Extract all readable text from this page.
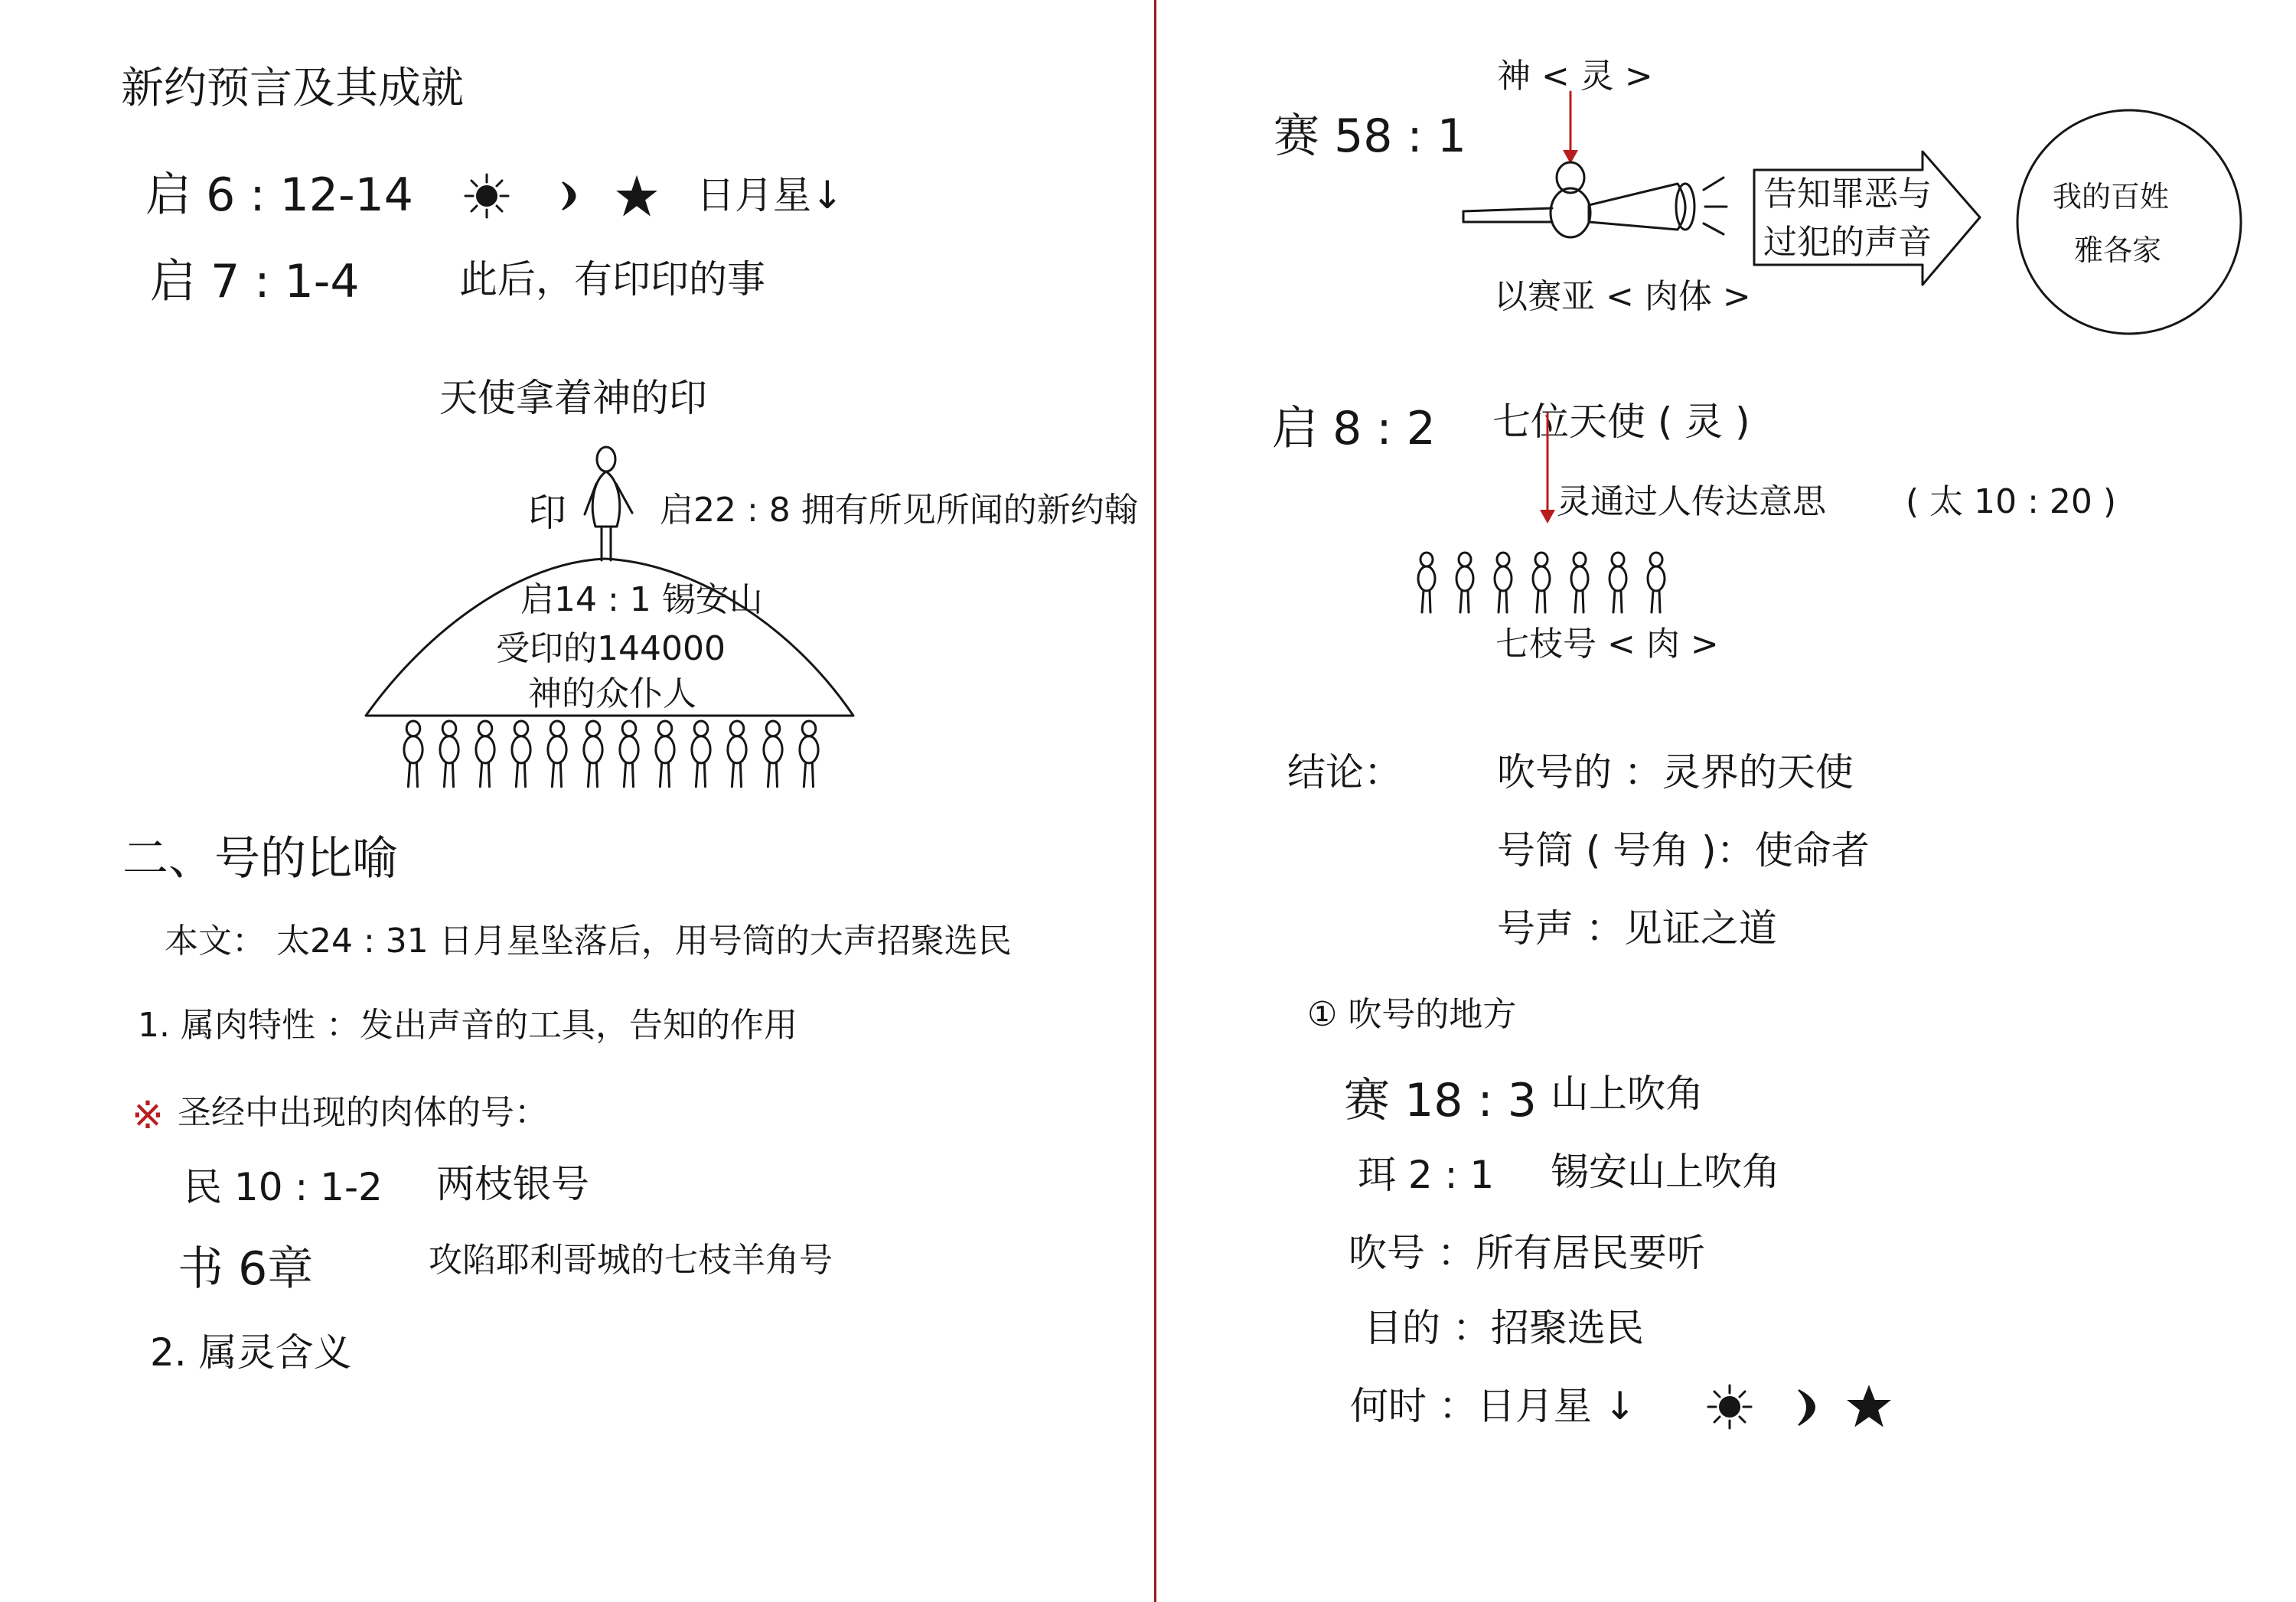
新约预言及其成就
启 6 : 12-14	日月星↓
启 7 : 1-4	此后，有印印的事
天使拿着神的印
印	启22 : 8 拥有所见所闻的新约翰
启14 : 1 锡安山
受印的144000
神的众仆人
二、号的比喻
本文： 太24 : 31 日月星坠落后，用号筒的大声招聚选民
1. 属肉特性 ：发出声音的工具，告知的作用
※ 圣经中出现的肉体的号：
民 10 : 1-2 两枝银号
书 6章	攻陷耶利哥城的七枝羊角号
2. 属灵含义
赛 58 : 1
神 < 灵 >
以赛亚 < 肉体 >
告知罪恶与
过犯的声音
我的百姓
雅各家
启 8 : 2 七位天使 ( 灵 )
灵通过人传达意思 ( 太 10 : 20 )
七枝号 < 肉 >
结论： 吹号的 ：灵界的天使
号筒 ( 号角 )：使命者
号声 ：见证之道
① 吹号的地方
赛 18 : 3 山上吹角
珥 2 : 1 锡安山上吹角
吹号 ：所有居民要听
目的 ：招聚选民
何时 ：日月星 ↓
